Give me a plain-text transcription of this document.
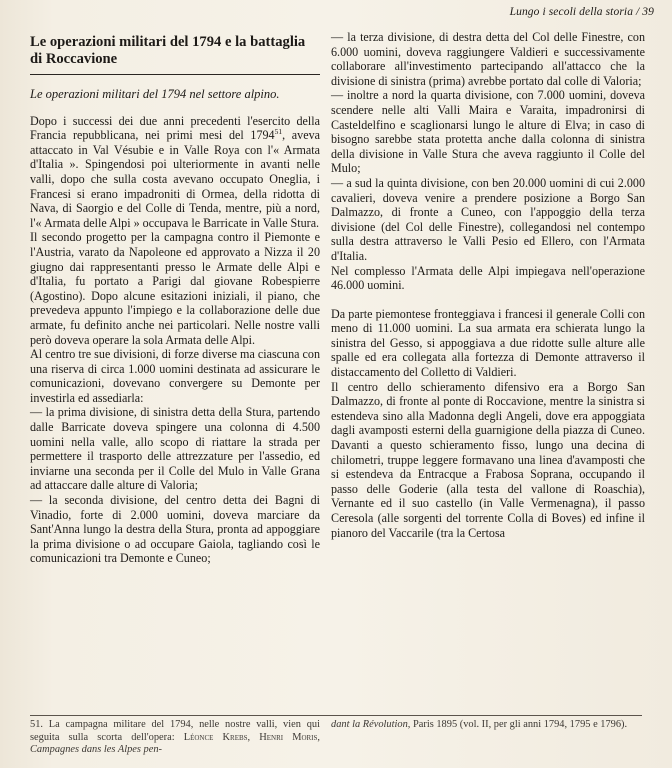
Lungo i secoli della storia / 39
Le operazioni militari del 1794 e la battaglia di Roccavione
Le operazioni militari del 1794 nel settore alpino.

Dopo i successi dei due anni precedenti l'esercito della Francia repubblicana, nei primi mesi del 1794$^{51}$, aveva attaccato in Val Vésubie e in Valle Roya con l'« Armata d'Italia ». Spingendosi poi ulteriormente in avanti nelle valli, dopo che sulla costa avevano occupato Oneglia, i Francesi si erano impadroniti di Ormea, della ridotta di Nava, di Saorgio e del Colle di Tenda, mentre, più a nord, l'« Armata delle Alpi » occupava le Barricate in Valle Stura.

Il secondo progetto per la campagna contro il Piemonte e l'Austria, varato da Napoleone ed approvato a Nizza il 20 giugno dai rappresentanti presso le Armate delle Alpi e d'Italia, fu portato a Parigi dal giovane Robespierre (Agostino). Dopo alcune esitazioni iniziali, il piano, che prevedeva appunto l'impiego e la collaborazione delle due armate, fu definito anche nei particolari. Nelle nostre valli però doveva operare la sola Armata delle Alpi.

Al centro tre sue divisioni, di forze diverse ma ciascuna con una riserva di circa 1.000 uomini destinata ad assicurare le comunicazioni, dovevano convergere su Demonte per investirla ed assediarla:

— la prima divisione, di sinistra detta della Stura, partendo dalle Barricate doveva spingere una colonna di 4.500 uomini nella valle, allo scopo di riattare la strada per permettere il trasporto delle attrezzature per l'assedio, ed inviarne una seconda per il Colle del Mulo in Valle Grana ad attaccare dalle alture di Valoria;

— la seconda divisione, del centro detta dei Bagni di Vinadio, forte di 2.000 uomini, doveva marciare da Sant'Anna lungo la destra della Stura, pronta ad appoggiare la prima divisione o ad occupare Gaiola, tagliando così le comunicazioni tra Demonte e Cuneo;

— la terza divisione, di destra detta del Col delle Finestre, con 6.000 uomini, doveva raggiungere Valdieri e successivamente collaborare all'investimento partecipando all'attacco che la divisione di sinistra (prima) avrebbe portato dal colle di Valoria;

— inoltre a nord la quarta divisione, con 7.000 uomini, doveva scendere nelle alti Valli Maira e Varaita, impadronirsi di Casteldelfino e scaglionarsi lungo le alture di Elva; in caso di bisogno sarebbe stata protetta anche dalla colonna di sinistra della divisione in Valle Stura che aveva raggiunto il Colle del Mulo;

— a sud la quinta divisione, con ben 20.000 uomini di cui 2.000 cavalieri, doveva venire a prendere posizione a Borgo San Dalmazzo, di fronte a Cuneo, con l'appoggio della terza divisione (del Col delle Finestre), collegandosi nel contempo sulla destra attraverso le Valli Pesio ed Ellero, con l'Armata d'Italia.

Nel complesso l'Armata delle Alpi impiegava nell'operazione 46.000 uomini.

Da parte piemontese fronteggiava i francesi il generale Colli con meno di 11.000 uomini. La sua armata era schierata lungo la sinistra del Gesso, si appoggiava a due ridotte sulle alture alle spalle ed era collegata alla fortezza di Demonte attraverso il distaccamento del Colletto di Valdieri.

Il centro dello schieramento difensivo era a Borgo San Dalmazzo, di fronte al ponte di Roccavione, mentre la sinistra si estendeva sino alla Madonna degli Angeli, dove era appoggiata dagli avamposti esterni della guarnigione della piazza di Cuneo. Davanti a questo schieramento fisso, lungo una decina di chilometri, truppe leggere formavano una linea d'avamposti che si estendeva da Entracque a Frabosa Soprana, occupando il passo delle Goderie (alla testa del vallone di Roaschia), Vernante ed il suo castello (in Valle Vermenagna), il passo Ceresola (alle sorgenti del torrente Colla di Boves) ed infine il pianoro del Vaccarile (tra la Certosa

51. La campagna militare del 1794, nelle nostre valli, vien qui seguita sulla scorta dell'opera: Léonce Krebs, Henri Moris, Campagnes dans les Alpes pen-
dant la Révolution, Paris 1895 (vol. II, per gli anni 1794, 1795 e 1796).
